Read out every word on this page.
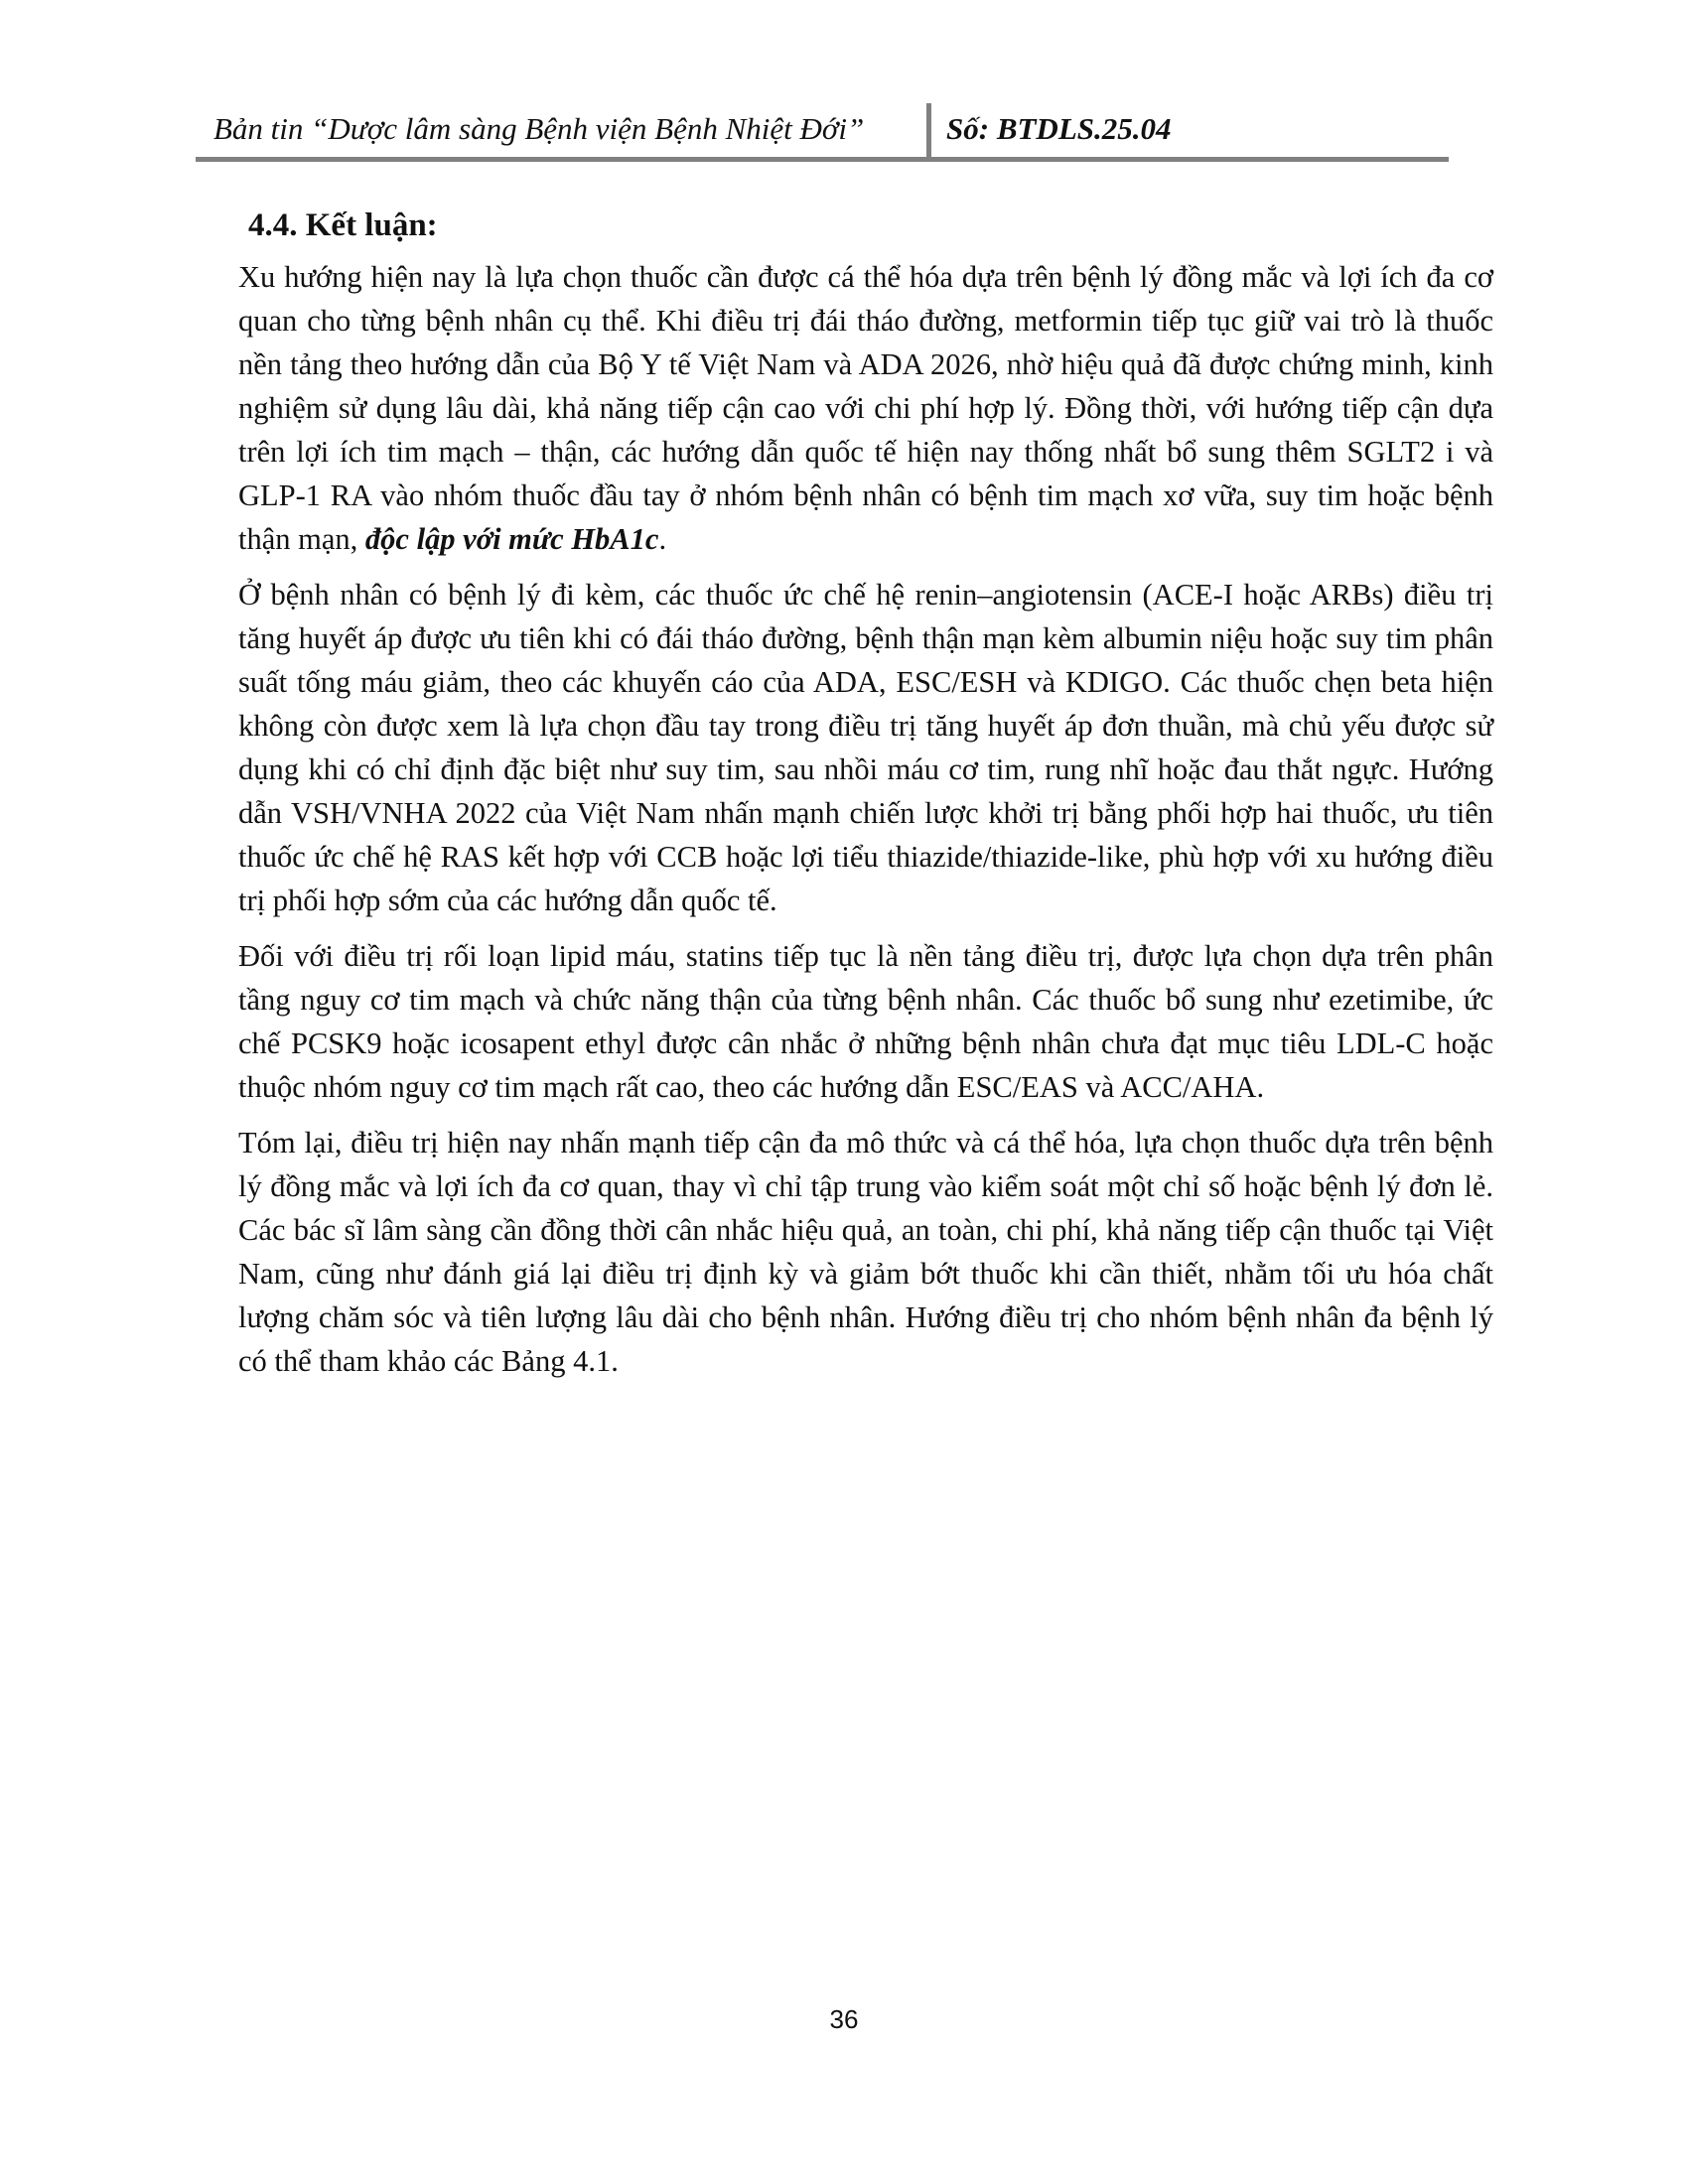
Bản tin “Dược lâm sàng Bệnh viện Bệnh Nhiệt Đới”	Số: BTDLS.25.04
4.4. Kết luận:

Xu hướng hiện nay là lựa chọn thuốc cần được cá thể hóa dựa trên bệnh lý đồng mắc và lợi ích đa cơ quan cho từng bệnh nhân cụ thể. Khi điều trị đái tháo đường, metformin tiếp tục giữ vai trò là thuốc nền tảng theo hướng dẫn của Bộ Y tế Việt Nam và ADA 2026, nhờ hiệu quả đã được chứng minh, kinh nghiệm sử dụng lâu dài, khả năng tiếp cận cao với chi phí hợp lý. Đồng thời, với hướng tiếp cận dựa trên lợi ích tim mạch – thận, các hướng dẫn quốc tế hiện nay thống nhất bổ sung thêm SGLT2 i và GLP-1 RA vào nhóm thuốc đầu tay ở nhóm bệnh nhân có bệnh tim mạch xơ vữa, suy tim hoặc bệnh thận mạn, độc lập với mức HbA1c.

Ở bệnh nhân có bệnh lý đi kèm, các thuốc ức chế hệ renin–angiotensin (ACE-I hoặc ARBs) điều trị tăng huyết áp được ưu tiên khi có đái tháo đường, bệnh thận mạn kèm albumin niệu hoặc suy tim phân suất tống máu giảm, theo các khuyến cáo của ADA, ESC/ESH và KDIGO. Các thuốc chẹn beta hiện không còn được xem là lựa chọn đầu tay trong điều trị tăng huyết áp đơn thuần, mà chủ yếu được sử dụng khi có chỉ định đặc biệt như suy tim, sau nhồi máu cơ tim, rung nhĩ hoặc đau thắt ngực. Hướng dẫn VSH/VNHA 2022 của Việt Nam nhấn mạnh chiến lược khởi trị bằng phối hợp hai thuốc, ưu tiên thuốc ức chế hệ RAS kết hợp với CCB hoặc lợi tiểu thiazide/thiazide-like, phù hợp với xu hướng điều trị phối hợp sớm của các hướng dẫn quốc tế.

Đối với điều trị rối loạn lipid máu, statins tiếp tục là nền tảng điều trị, được lựa chọn dựa trên phân tầng nguy cơ tim mạch và chức năng thận của từng bệnh nhân. Các thuốc bổ sung như ezetimibe, ức chế PCSK9 hoặc icosapent ethyl được cân nhắc ở những bệnh nhân chưa đạt mục tiêu LDL-C hoặc thuộc nhóm nguy cơ tim mạch rất cao, theo các hướng dẫn ESC/EAS và ACC/AHA.

Tóm lại, điều trị hiện nay nhấn mạnh tiếp cận đa mô thức và cá thể hóa, lựa chọn thuốc dựa trên bệnh lý đồng mắc và lợi ích đa cơ quan, thay vì chỉ tập trung vào kiểm soát một chỉ số hoặc bệnh lý đơn lẻ. Các bác sĩ lâm sàng cần đồng thời cân nhắc hiệu quả, an toàn, chi phí, khả năng tiếp cận thuốc tại Việt Nam, cũng như đánh giá lại điều trị định kỳ và giảm bớt thuốc khi cần thiết, nhằm tối ưu hóa chất lượng chăm sóc và tiên lượng lâu dài cho bệnh nhân. Hướng điều trị cho nhóm bệnh nhân đa bệnh lý có thể tham khảo các Bảng 4.1.

36
